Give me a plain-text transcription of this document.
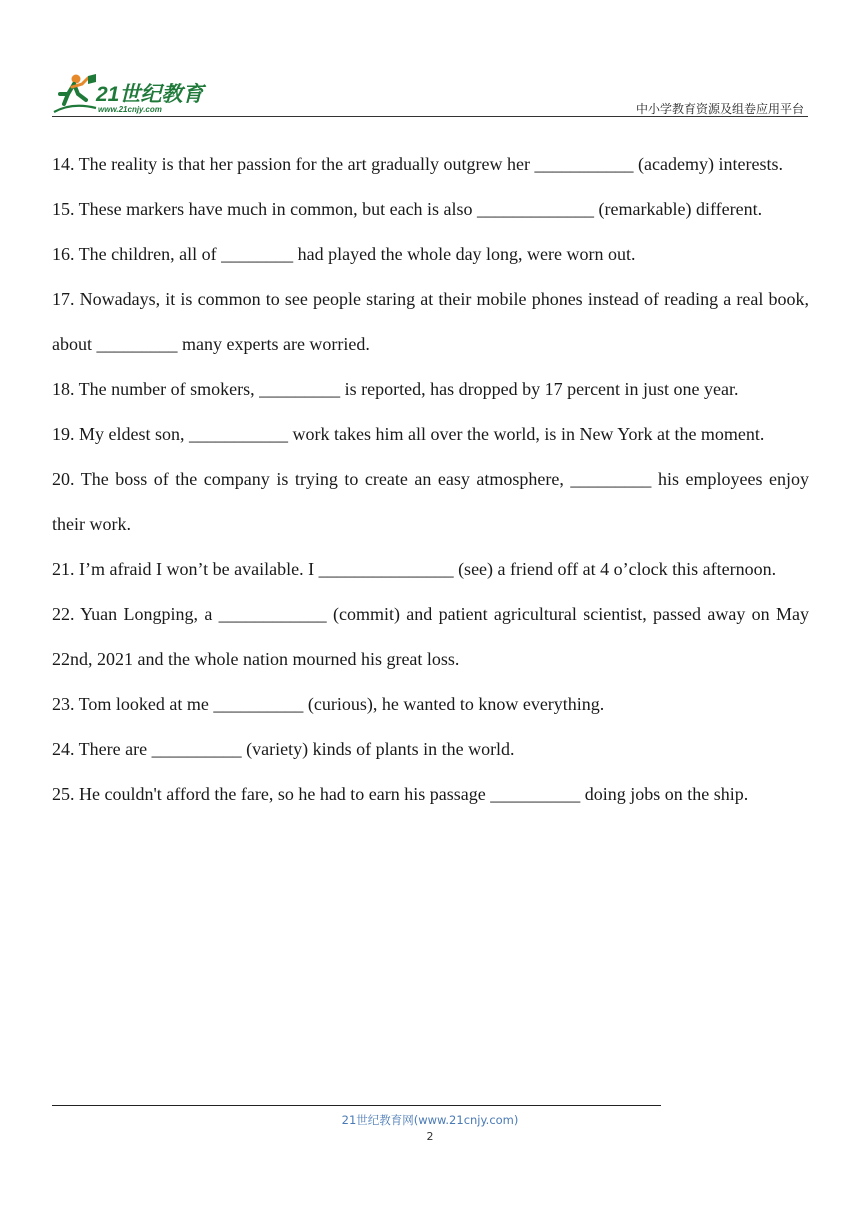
21世纪教育
www.21cnjy.com	中小学教育资源及组卷应用平台

14. The reality is that her passion for the art gradually outgrew her ___________ (academy) interests.

15. These markers have much in common, but each is also _____________ (remarkable) different.

16. The children, all of ________ had played the whole day long, were worn out.

17. Nowadays, it is common to see people staring at their mobile phones instead of reading a real book, about _________ many experts are worried.

18. The number of smokers, _________ is reported, has dropped by 17 percent in just one year.

19. My eldest son, ___________ work takes him all over the world, is in New York at the moment.

20. The boss of the company is trying to create an easy atmosphere, _________ his employees enjoy their work.

21. I’m afraid I won’t be available. I _______________ (see) a friend off at 4 o’clock this afternoon.

22. Yuan Longping, a ____________ (commit) and patient agricultural scientist, passed away on May 22nd, 2021 and the whole nation mourned his great loss.

23. Tom looked at me __________ (curious), he wanted to know everything.

24. There are __________ (variety) kinds of plants in the world.

25. He couldn't afford the fare, so he had to earn his passage __________ doing jobs on the ship.

21世纪教育网(www.21cnjy.com)
2
